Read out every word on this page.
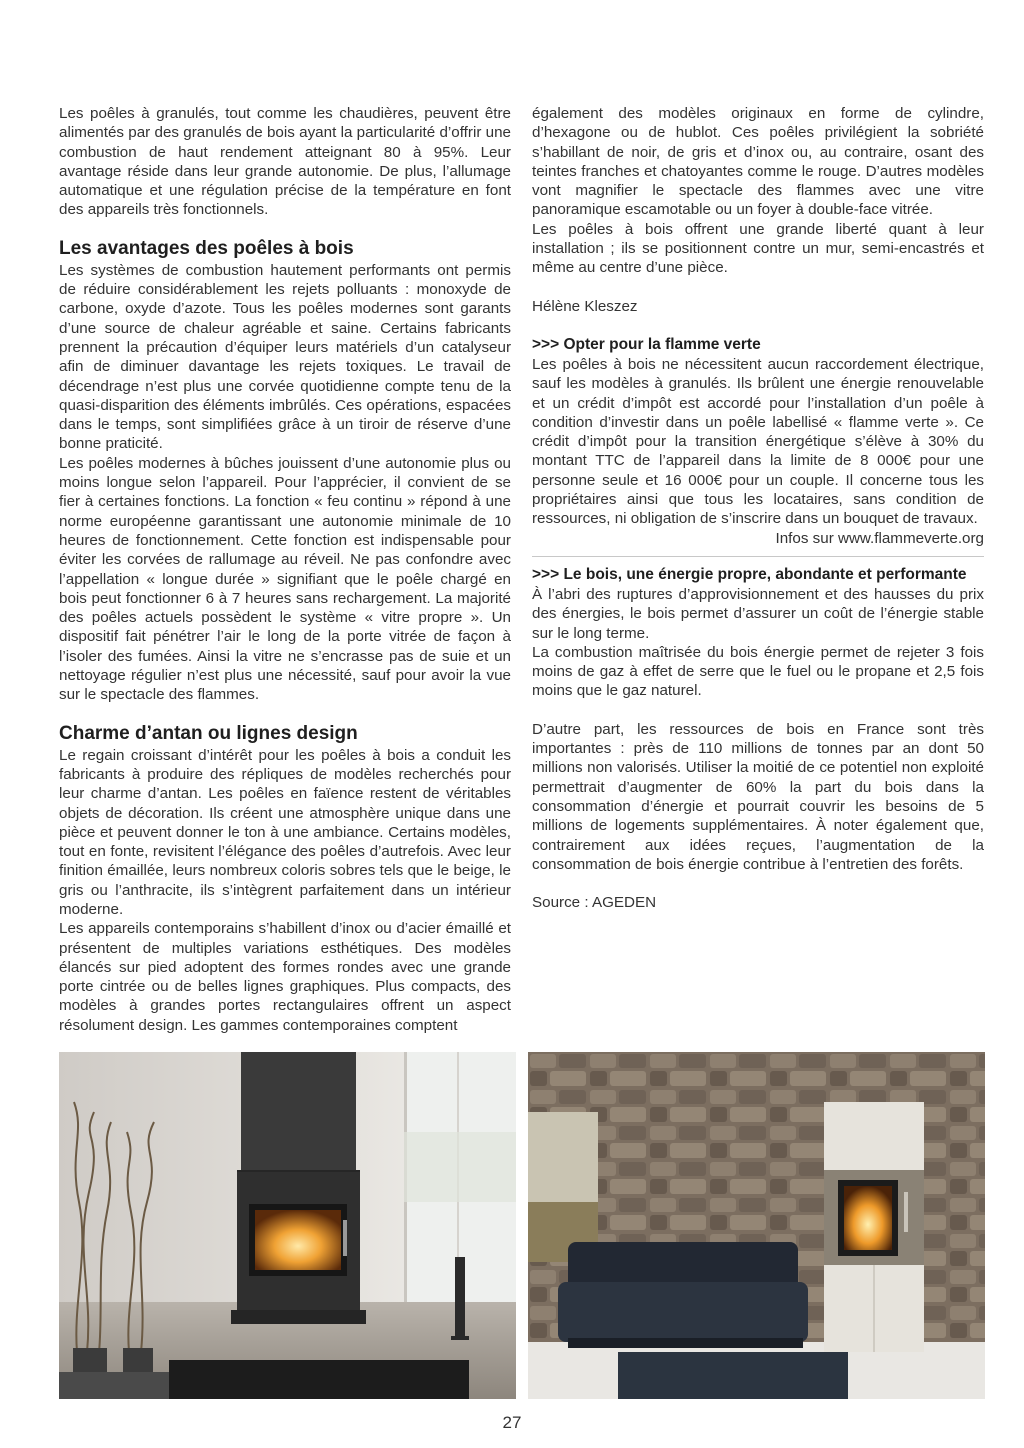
Les poêles à granulés, tout comme les chaudières, peuvent être alimentés par des granulés de bois ayant la particularité d’offrir une combustion de haut rendement atteignant 80 à 95%. Leur avantage réside dans leur grande autonomie. De plus, l’allumage automatique et une régulation précise de la température en font des appareils très fonctionnels.

Les avantages des poêles à bois

Les systèmes de combustion hautement performants ont permis de réduire considérablement les rejets polluants : monoxyde de carbone, oxyde d’azote. Tous les poêles modernes sont garants d’une source de chaleur agréable et saine. Certains fabricants prennent la précaution d’équiper leurs matériels d’un catalyseur afin de diminuer davantage les rejets toxiques. Le travail de décendrage n’est plus une corvée quotidienne compte tenu de la quasi-disparition des éléments imbrûlés. Ces opérations, espacées dans le temps, sont simplifiées grâce à un tiroir de réserve d’une bonne praticité.

Les poêles modernes à bûches jouissent d’une autonomie plus ou moins longue selon l’appareil. Pour l’apprécier, il convient de se fier à certaines fonctions. La fonction « feu continu » répond à une norme européenne garantissant une autonomie minimale de 10 heures de fonctionnement. Cette fonction est indispensable pour éviter les corvées de rallumage au réveil. Ne pas confondre avec l’appellation « longue durée » signifiant que le poêle chargé en bois peut fonctionner 6 à 7 heures sans rechargement. La majorité des poêles actuels possèdent le système « vitre propre ». Un dispositif fait pénétrer l’air le long de la porte vitrée de façon à l’isoler des fumées. Ainsi la vitre ne s’encrasse pas de suie et un nettoyage régulier n’est plus une nécessité, sauf pour avoir la vue sur le spectacle des flammes.

Charme d’antan ou lignes design

Le regain croissant d’intérêt pour les poêles à bois a conduit les fabricants à produire des répliques de modèles recherchés pour leur charme d’antan. Les poêles en faïence restent de véritables objets de décoration. Ils créent une atmosphère unique dans une pièce et peuvent donner le ton à une ambiance. Certains modèles, tout en fonte, revisitent l’élégance des poêles d’autrefois. Avec leur finition émaillée, leurs nombreux coloris sobres tels que le beige, le gris ou l’anthracite, ils s’intègrent parfaitement dans un intérieur moderne.

Les appareils contemporains s’habillent d’inox ou d’acier émaillé et présentent de multiples variations esthétiques. Des modèles élancés sur pied adoptent des formes rondes avec une grande porte cintrée ou de belles lignes graphiques. Plus compacts, des modèles à grandes portes rectangulaires offrent un aspect résolument design. Les gammes contemporaines comptent

également des modèles originaux en forme de cylindre, d’hexagone ou de hublot. Ces poêles privilégient la sobriété s’habillant de noir, de gris et d’inox ou, au contraire, osant des teintes franches et chatoyantes comme le rouge. D’autres modèles vont magnifier le spectacle des flammes avec une vitre panoramique escamotable ou un foyer à double-face vitrée.

Les poêles à bois offrent une grande liberté quant à leur installation ; ils se positionnent contre un mur, semi-encastrés et même au centre d’une pièce.

Hélène Kleszez

>>> Opter pour la flamme verte

Les poêles à bois ne nécessitent aucun raccordement électrique, sauf les modèles à granulés. Ils brûlent une énergie renouvelable et un crédit d’impôt est accordé pour l’installation d’un poêle à condition d’investir dans un poêle labellisé « flamme verte ». Ce crédit d’impôt pour la transition énergétique s’élève à 30% du montant TTC de l’appareil dans la limite de 8 000€ pour une personne seule et 16 000€ pour un couple. Il concerne tous les propriétaires ainsi que tous les locataires, sans condition de ressources, ni obligation de s’inscrire dans un bouquet de travaux.

Infos sur www.flammeverte.org

>>> Le bois, une énergie propre, abondante et performante

À l’abri des ruptures d’approvisionnement et des hausses du prix des énergies, le bois permet d’assurer un coût de l’énergie stable sur le long terme.

La combustion maîtrisée du bois énergie permet de rejeter 3 fois moins de gaz à effet de serre que le fuel ou le propane et 2,5 fois moins que le gaz naturel.

D’autre part, les ressources de bois en France sont très importantes : près de 110 millions de tonnes par an dont 50 millions non valorisés. Utiliser la moitié de ce potentiel non exploité permettrait d’augmenter de 60% la part du bois dans la consommation d’énergie et pourrait couvrir les besoins de 5 millions de logements supplémentaires. À noter également que, contrairement aux idées reçues, l’augmentation de la consommation de bois énergie contribue à l’entretien des forêts.

Source : AGEDEN

27
